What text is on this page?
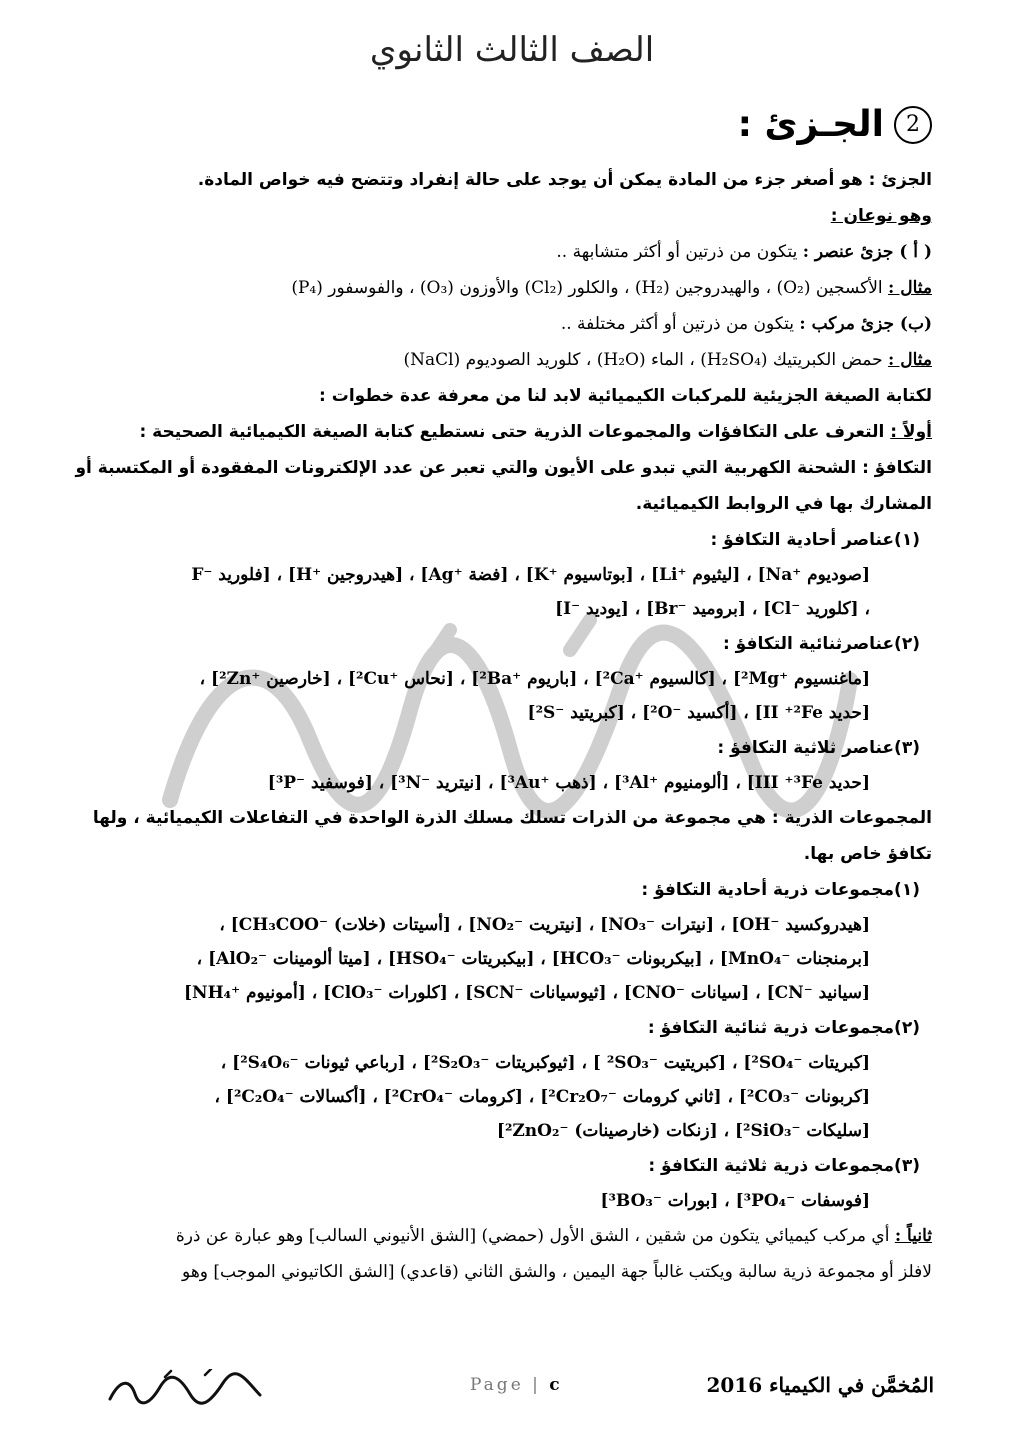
الصف الثالث الثانوي
2
الجـزئ :
الجزئ : هو أصغر جزء من المادة يمكن أن يوجد على حالة إنفراد وتتضح فيه خواص المادة.
وهو نوعان :
( أ ) جزئ عنصر : يتكون من ذرتين أو أكثر متشابهة ..
مثال : الأكسجين (O₂) ، والهيدروجين (H₂) ، والكلور (Cl₂) والأوزون (O₃) ، والفوسفور (P₄)
(ب) جزئ مركب : يتكون من ذرتين أو أكثر مختلفة ..
مثال : حمض الكبريتيك (H₂SO₄) ، الماء (H₂O) ، كلوريد الصوديوم (NaCl)
لكتابة الصيغة الجزيئية للمركبات الكيميائية لابد لنا من معرفة عدة خطوات :
أولاً : التعرف على التكافؤات والمجموعات الذرية حتى نستطيع كتابة الصيغة الكيميائية الصحيحة :
التكافؤ : الشحنة الكهربية التي تبدو على الأيون والتي تعبر عن عدد الإلكترونات المفقودة أو المكتسبة أو
المشارك بها في الروابط الكيميائية.
(١)عناصر أحادية التكافؤ :
[صوديوم ⁺Na] ، [ليثيوم ⁺Li] ، [بوتاسيوم ⁺K] ، [فضة ⁺Ag] ، [هيدروجين ⁺H] ، [فلوريد ⁻F
، [كلوريد ⁻Cl] ، [بروميد ⁻Br] ، [يوديد ⁻I]
(٢)عناصرثنائية التكافؤ :
[ماغنسيوم ⁺²Mg] ، [كالسيوم ⁺²Ca] ، [باريوم ⁺²Ba] ، [نحاس ⁺²Cu] ، [خارصين ⁺²Zn] ،
[حديد II ⁺²Fe] ، [أكسيد ⁻²O] ، [كبريتيد ⁻²S]
(٣)عناصر ثلاثية التكافؤ :
[حديد III ⁺³Fe] ، [ألومنيوم ⁺³Al] ، [ذهب ⁺³Au] ، [نيتريد ⁻³N] ، [فوسفيد ⁻³P]
المجموعات الذرية : هي مجموعة من الذرات تسلك مسلك الذرة الواحدة في التفاعلات الكيميائية ، ولها
تكافؤ خاص بها.
(١)مجموعات ذرية أحادية التكافؤ :
[هيدروكسيد ⁻OH] ، [نيترات ⁻NO₃] ، [نيتريت ⁻NO₂] ، [أسيتات (خلات) ⁻CH₃COO] ،
[برمنجنات ⁻MnO₄] ، [بيكربونات ⁻HCO₃] ، [بيكبريتات ⁻HSO₄] ، [ميتا ألومينات ⁻AlO₂] ،
[سيانيد ⁻CN] ، [سيانات ⁻CNO] ، [ثيوسيانات ⁻SCN] ، [كلورات ⁻ClO₃] ، [أمونيوم ⁺NH₄]
(٢)مجموعات ذرية ثنائية التكافؤ :
[كبريتات ⁻²SO₄] ، [كبريتيت ⁻²SO₃ ] ، [ثيوكبريتات ⁻²S₂O₃] ، [رباعي ثيونات ⁻²S₄O₆] ،
[كربونات ⁻²CO₃] ، [ثاني كرومات ⁻²Cr₂O₇] ، [كرومات ⁻²CrO₄] ، [أكسالات ⁻²C₂O₄] ،
[سليكات ⁻²SiO₃] ، [زنكات (خارصينات) ⁻²ZnO₂]
(٣)مجموعات ذرية ثلاثية التكافؤ :
[فوسفات ⁻³PO₄] ، [بورات ⁻³BO₃]
ثانياً : أي مركب كيميائي يتكون من شقين ، الشق الأول (حمضي) [الشق الأنيوني السالب] وهو عبارة عن ذرة
لافلز أو مجموعة ذرية سالبة ويكتب غالباً جهة اليمين ، والشق الثاني (قاعدي) [الشق الكاتيوني الموجب] وهو
Page | c	المُخمَّن في الكيمياء 2016
